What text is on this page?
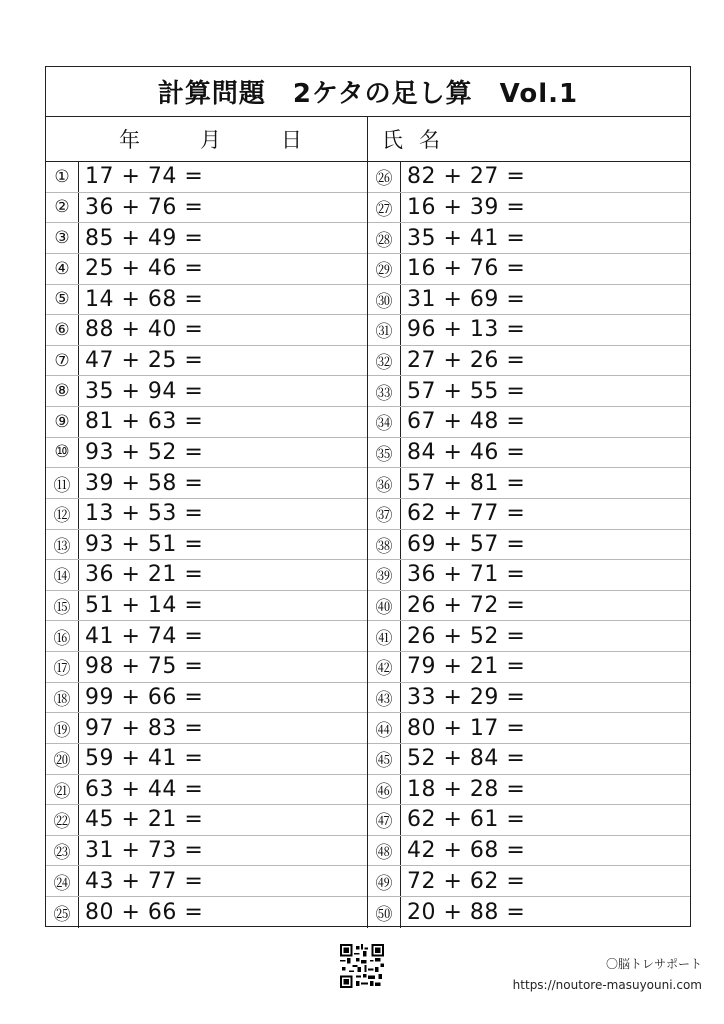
計算問題　2ケタの足し算　Vol.1
年	月	日	氏 名
① 17 + 74 =
② 36 + 76 =
③ 85 + 49 =
④ 25 + 46 =
⑤ 14 + 68 =
⑥ 88 + 40 =
⑦ 47 + 25 =
⑧ 35 + 94 =
⑨ 81 + 63 =
⑩ 93 + 52 =
⑪ 39 + 58 =
⑫ 13 + 53 =
⑬ 93 + 51 =
⑭ 36 + 21 =
⑮ 51 + 14 =
⑯ 41 + 74 =
⑰ 98 + 75 =
⑱ 99 + 66 =
⑲ 97 + 83 =
⑳ 59 + 41 =
㉑ 63 + 44 =
㉒ 45 + 21 =
㉓ 31 + 73 =
㉔ 43 + 77 =
㉕ 80 + 66 =
㉖ 82 + 27 =
㉗ 16 + 39 =
㉘ 35 + 41 =
㉙ 16 + 76 =
㉚ 31 + 69 =
㉛ 96 + 13 =
㉜ 27 + 26 =
㉝ 57 + 55 =
㉞ 67 + 48 =
㉟ 84 + 46 =
㊱ 57 + 81 =
㊲ 62 + 77 =
㊳ 69 + 57 =
㊴ 36 + 71 =
㊵ 26 + 72 =
㊶ 26 + 52 =
㊷ 79 + 21 =
㊸ 33 + 29 =
㊹ 80 + 17 =
㊺ 52 + 84 =
㊻ 18 + 28 =
㊼ 62 + 61 =
㊽ 42 + 68 =
㊾ 72 + 62 =
㊿ 20 + 88 =
〇脳トレサポート
https://noutore-masuyouni.com
